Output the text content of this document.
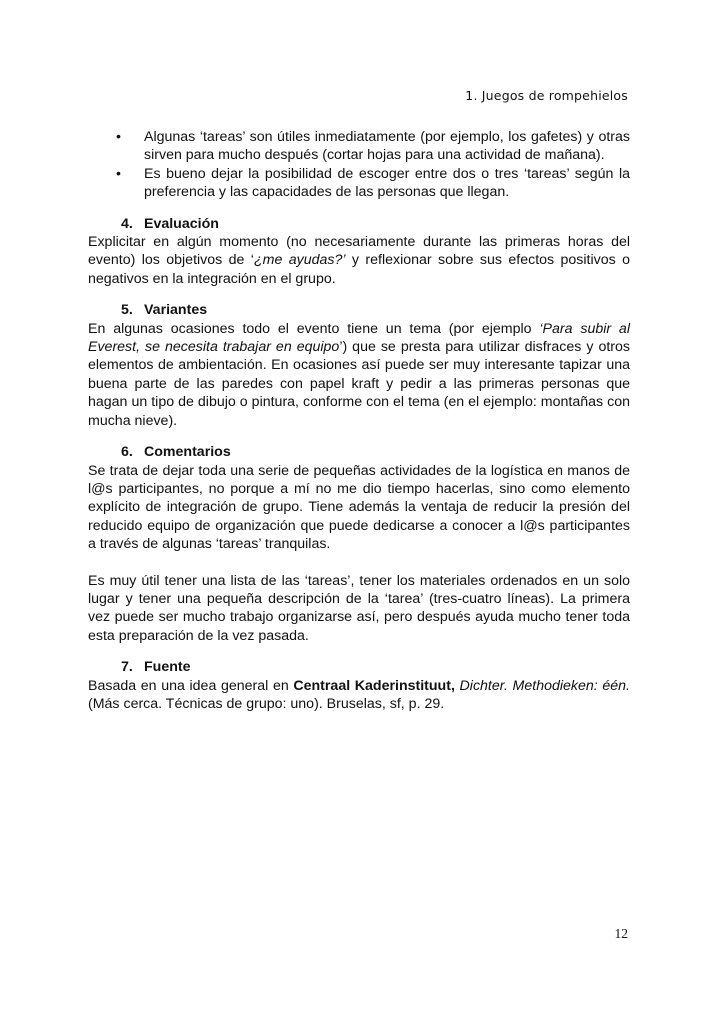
1. Juegos de rompehielos
• Algunas ‘tareas’ son útiles inmediatamente (por ejemplo, los gafetes) y otras sirven para mucho después (cortar hojas para una actividad de mañana).
• Es bueno dejar la posibilidad de escoger entre dos o tres ‘tareas’ según la preferencia y las capacidades de las personas que llegan.
4. Evaluación

Explicitar en algún momento (no necesariamente durante las primeras horas del evento) los objetivos de ‘¿me ayudas?’ y reflexionar sobre sus efectos positivos o negativos en la integración en el grupo.

5. Variantes

En algunas ocasiones todo el evento tiene un tema (por ejemplo ‘Para subir al Everest, se necesita trabajar en equipo’) que se presta para utilizar disfraces y otros elementos de ambientación. En ocasiones así puede ser muy interesante tapizar una buena parte de las paredes con papel kraft y pedir a las primeras personas que hagan un tipo de dibujo o pintura, conforme con el tema (en el ejemplo: montañas con mucha nieve).

6. Comentarios

Se trata de dejar toda una serie de pequeñas actividades de la logística en manos de l@s participantes, no porque a mí no me dio tiempo hacerlas, sino como elemento explícito de integración de grupo. Tiene además la ventaja de reducir la presión del reducido equipo de organización que puede dedicarse a conocer a l@s participantes a través de algunas ‘tareas’ tranquilas.

Es muy útil tener una lista de las ‘tareas’, tener los materiales ordenados en un solo lugar y tener una pequeña descripción de la ‘tarea’ (tres-cuatro líneas). La primera vez puede ser mucho trabajo organizarse así, pero después ayuda mucho tener toda esta preparación de la vez pasada.

7. Fuente

Basada en una idea general en Centraal Kaderinstituut, Dichter. Methodieken: één. (Más cerca. Técnicas de grupo: uno). Bruselas, sf, p. 29.

12
